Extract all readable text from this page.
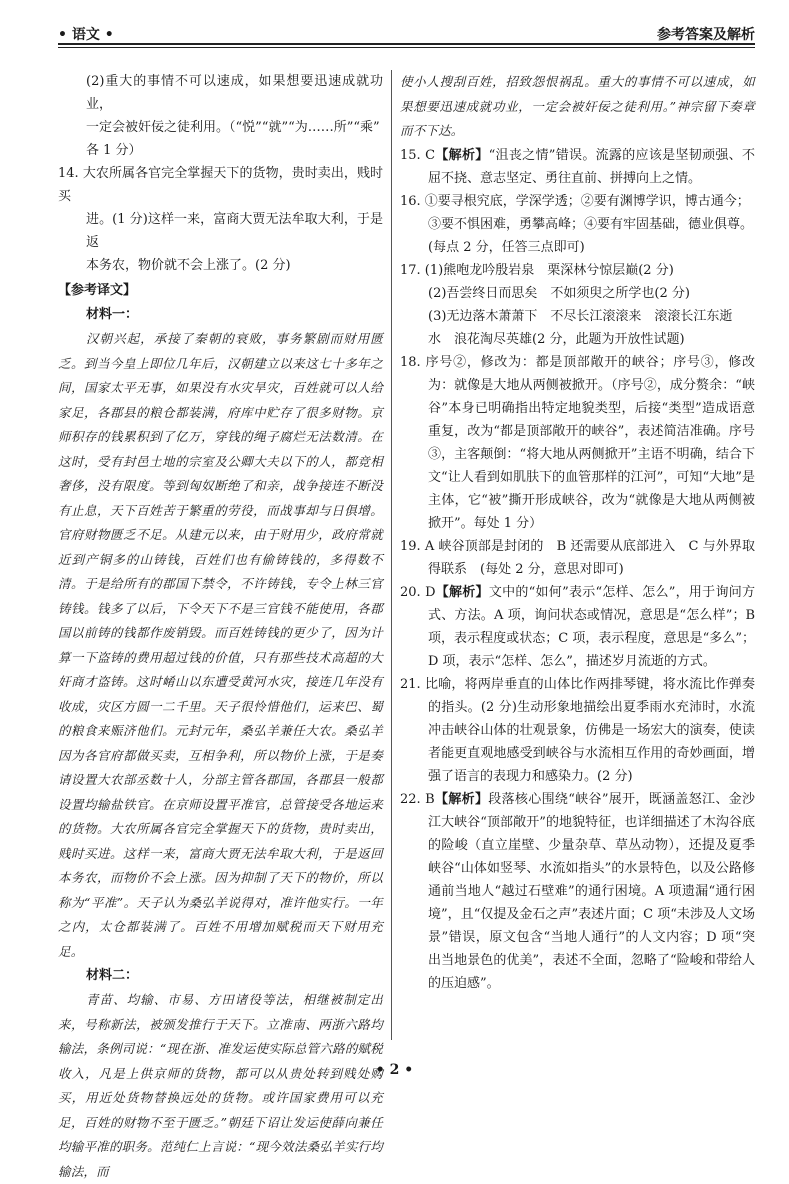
• 语文 •	参考答案及解析

(2)重大的事情不可以速成，如果想要迅速成就功业，

一定会被奸佞之徒利用。（“悦”“就”“为……所”“乘”

各 1 分）

14. 大农所属各官完全掌握天下的货物，贵时卖出，贱时买

进。(1 分)这样一来，富商大贾无法牟取大利，于是返

本务农，物价就不会上涨了。(2 分)

【参考译文】
材料一：

汉朝兴起，承接了秦朝的衰败，事务繁剧而财用匮乏。到当今皇上即位几年后，汉朝建立以来这七十多年之间，国家太平无事，如果没有水灾旱灾，百姓就可以人给家足，各郡县的粮仓都装满，府库中贮存了很多财物。京师积存的钱累积到了亿万，穿钱的绳子腐烂无法数清。在这时，受有封邑土地的宗室及公卿大夫以下的人，都竞相奢侈，没有限度。等到匈奴断绝了和亲，战争接连不断没有止息，天下百姓苦于繁重的劳役，而战事却与日俱增。官府财物匮乏不足。从建元以来，由于财用少，政府常就近到产铜多的山铸钱，百姓们也有偷铸钱的，多得数不清。于是给所有的郡国下禁令，不许铸钱，专令上林三官铸钱。钱多了以后，下令天下不是三官钱不能使用，各郡国以前铸的钱都作废销毁。而百姓铸钱的更少了，因为计算一下盗铸的费用超过钱的价值，只有那些技术高超的大奸商才盗铸。这时崤山以东遭受黄河水灾，接连几年没有收成，灾区方圆一二千里。天子很怜惜他们，运来巴、蜀的粮食来赈济他们。元封元年，桑弘羊兼任大农。桑弘羊因为各官府都做买卖，互相争利，所以物价上涨，于是奏请设置大农部丞数十人，分部主管各郡国，各郡县一般都设置均输盐铁官。在京师设置平准官，总管接受各地运来的货物。大农所属各官完全掌握天下的货物，贵时卖出，贱时买进。这样一来，富商大贾无法牟取大利，于是返回本务农，而物价不会上涨。因为抑制了天下的物价，所以称为“平准”。天子认为桑弘羊说得对，准许他实行。一年之内，太仓都装满了。百姓不用增加赋税而天下财用充足。

材料二：

青苗、均输、市易、方田诸役等法，相继被制定出来，号称新法，被颁发推行于天下。立准南、两浙六路均输法，条例司说：“现在浙、准发运使实际总管六路的赋税收入，凡是上供京师的货物，都可以从贵处转到贱处购买，用近处货物替换远处的货物。或许国家费用可以充足，百姓的财物不至于匮乏。”朝廷下诏让发运使薛向兼任均输平准的职务。范纯仁上言说：“现今效法桑弘羊实行均输法，而

使小人搜刮百姓，招致怨恨祸乱。重大的事情不可以速成，如果想要迅速成就功业，一定会被奸佞之徒利用。”神宗留下奏章而不下达。

15. C【解析】“沮丧之情”错误。流露的应该是坚韧顽强、不屈不挠、意志坚定、勇往直前、拼搏向上之情。

16. ①要寻根究底，学深学透；②要有渊博学识，博古通今；

③要不惧困难，勇攀高峰；④要有牢固基础，德业俱尊。

(每点 2 分，任答三点即可)

17. (1)熊咆龙吟殷岩泉　栗深林兮惊层巅(2 分)

(2)吾尝终日而思矣　不如须臾之所学也(2 分)

(3)无边落木萧萧下　不尽长江滚滚来　滚滚长江东逝

水　浪花淘尽英雄(2 分，此题为开放性试题)

18. 序号②，修改为：都是顶部敞开的峡谷；序号③，修改为：就像是大地从两侧被掀开。（序号②，成分赘余：“峡谷”本身已明确指出特定地貌类型，后接“类型”造成语意重复，改为“都是顶部敞开的峡谷”，表述简洁准确。序号③，主客颠倒：“将大地从两侧掀开”主语不明确，结合下文“让人看到如肌肤下的血管那样的江河”，可知“大地”是主体，它“被”撕开形成峡谷，改为“就像是大地从两侧被掀开”。每处 1 分）

19. A 峡谷顶部是封闭的　B 还需要从底部进入　C 与外界取得联系　(每处 2 分，意思对即可)

20. D【解析】文中的“如何”表示“怎样、怎么”，用于询问方式、方法。A 项，询问状态或情况，意思是“怎么样”；B 项，表示程度或状态；C 项，表示程度，意思是“多么”；D 项，表示“怎样、怎么”，描述岁月流逝的方式。

21. 比喻，将两岸垂直的山体比作两排琴键，将水流比作弹奏的指头。(2 分)生动形象地描绘出夏季雨水充沛时，水流冲击峡谷山体的壮观景象，仿佛是一场宏大的演奏，使读者能更直观地感受到峡谷与水流相互作用的奇妙画面，增强了语言的表现力和感染力。(2 分)

22. B【解析】段落核心围绕“峡谷”展开，既涵盖怒江、金沙江大峡谷“顶部敞开”的地貌特征，也详细描述了木沟谷底的险峻（直立崖壁、少量杂草、草丛动物），还提及夏季峡谷“山体如竖琴、水流如指头”的水景特色，以及公路修通前当地人“越过石壁难”的通行困境。A 项遗漏“通行困境”，且“仅提及金石之声”表述片面；C 项“未涉及人文场景”错误，原文包含“当地人通行”的人文内容；D 项“突出当地景色的优美”，表述不全面，忽略了“险峻和带给人的压迫感”。

• 2 •
